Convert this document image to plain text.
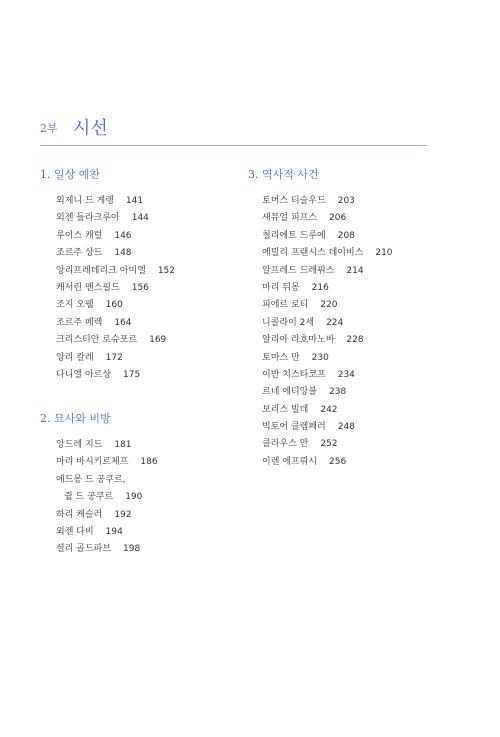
2부 시선
1. 일상 예찬
외제니 드 게랭 141
외젠 들라크루아 144
루이스 캐럴 146
조르주 상드 148
앙리프레데리크 아미엘 152
캐서린 맨스필드 156
조지 오웰 160
조르주 페렉 164
크리스티안 로슈포르 169
앙리 칼레 172
다니엘 아르상 175
2. 묘사와 비방
앙드레 지드 181
마리 바시키르체프 186
에드몽 드 공쿠르,
쥘 드 공쿠르 190
하리 케슬러 192
외젠 다비 194
셜리 골드파브 198
3. 역사적 사건
토머스 티슬우드 203
새뮤얼 피프스 206
철리에트 드루에 208
에밀리 프랜시스 데이비스 210
알프레드 드레퓌스 214
마리 뒤몽 216
피에르 로티 220
니콜라이 2세 224
알리아 라흐마노바 228
토마스 만 230
이반 치스타코프 234
르네 에티앙블 238
보리스 빌데 242
빅토어 클렘페러 248
클라우스 만 252
이렌 에프뤼시 256
